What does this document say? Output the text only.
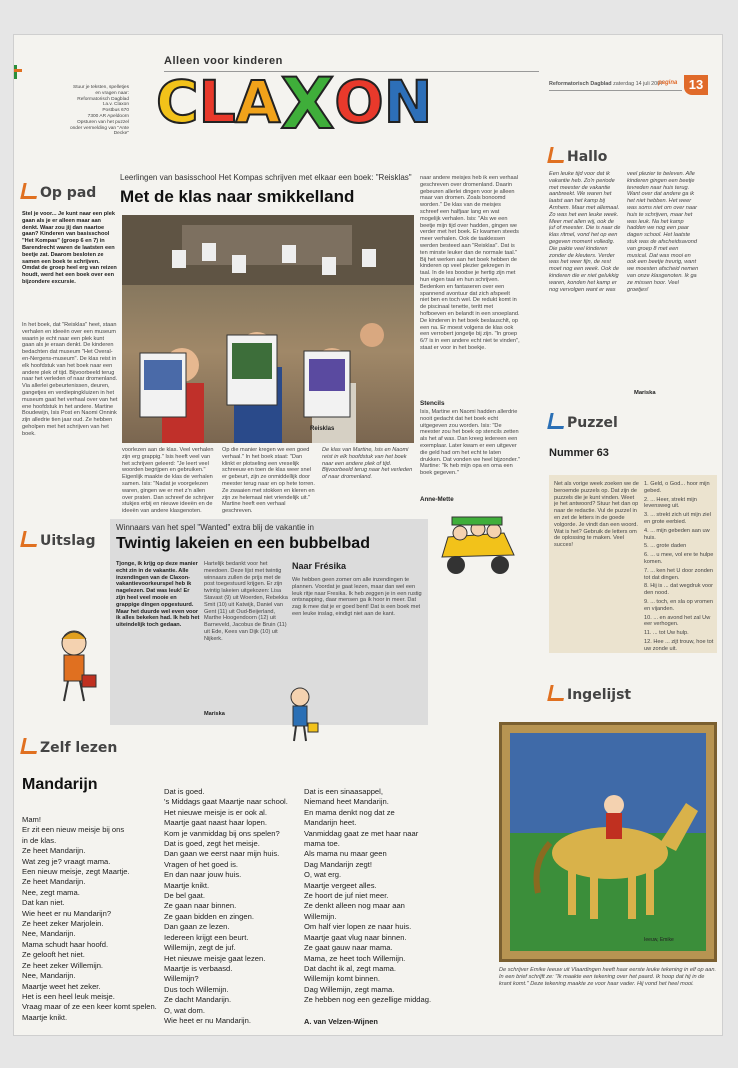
Stuur je teksten, spelletjes
en vragen naar:
Reformatorisch Dagblad
t.a.v. Claxon
Postbus 670
7300 AR Apeldoorn
Opsturen van het puzzel
onder vermelding van "Ante Decke"
Alleen voor kinderen
CLAXON	Reformatorisch Dagblad zaterdag 14 juli 2007
pagina 13
Op pad
Leerlingen van basisschool Het Kompas schrijven met elkaar een boek: "Reisklas"
Met de klas naar smikkelland
Stel je voor... Je kunt naar een plek gaan als je er alleen maar aan denkt. Waar zou jij dan naartoe gaan? Kinderen van basisschool "Het Kompas" (groep 6 en 7) in Barendrecht waren de laatsten een beetje zat. Daarom besloten ze samen een boek te schrijven. Omdat de groep heel erg van reizen houdt, werd het een boek over een bijzondere excursie.
In het boek, dat "Reisklas" heet, staan verhalen en ideeën over een museum waarin je echt naar een plek kunt gaan als je eraan denkt. De kinderen bedachten dat museum "Het Overal-en-Nergens-museum". De klas reist in elk hoofdstuk van het boek naar een andere plek of tijd. Bijvoorbeeld terug naar het verleden of naar dromenland. Via allerlei gebeurtenissen, deuren, gangetjes en verdiepingkluizen in het museum gaat het verhaal over van het ene hoofdstuk in het andere. Martine Boudewijn, Isis Post en Naomi Onnink zijn alledrie tien jaar oud. Ze hebben geholpen met het schrijven van het boek.
Reisklas
voorlezen aan de klas. Veel verhalen zijn erg grappig." Isis heeft veel van het schrijven geleerd: "Je leert veel woorden begrijpen en gebruiken." Eigenlijk maakte de klas de verhalen samen. Isis: "Nadat je voorgelezen waren, gingen we er met z'n allen over praten. Dan schreef de schrijver stukjes erbij en nieuwe ideeën en de ideeën van andere klasgenoten.
Op die manier kregen we een goed verhaal." In het boek staat: "Dan klinkt er plotseling een vreselijk schreeuw en toen de klas weer snel er gebeurt, zijn ze onmiddellijk door meester terug naar en op hete torren. Ze zwaaien met stokken en kleren en zijn ze helemaal niet vriendelijk uit." Martine heeft een verhaal geschreven.
De klas van Martine, Isis en Naomi reist in elk hoofdstuk van het boek naar een andere plek of tijd. Bijvoorbeeld terug naar het verleden of naar dromenland.
naar andere meisjes heb ik een verhaal geschreven over dromenland. Daarin gebeuren allerlei dingen voor je alleen maar van dromen. Zoals bonoomd worden." De klas van de meisjes schreef een halfjaar lang en wat mogelijk verhalen. Isis: "Als we een beetje mijn tijd over hadden, gingen we verder met het boek. Er kwamen steeds meer verhalen. Ook de taaklessen werden besteed aan "Reisklas". Dat is ten minste leuker dan de normale taal." Bij het werken aan het boek hebben de kinderen op veel plezier gekregen in taal. In de les boodse je hertig zijn met hun eigen taal en hun schrijven. Bedenken en fantaseren over een spannend avontuur dat zich afspeelt niet ben en toch wel. De redukt komt in de piscinaal tenette, teritt met hofboeven en belandt in een snoepland. De kinderen in het boek beslauschlt, op een na. Er moest volgens de klas ook een verrobert jongetje bij zijn. "In groep 6/7 is in een andere echt niet te vinden", staat er voor in het boekje.
Stencils
Isis, Martine en Naomi hadden allerdrie nooit gedacht dat het boek echt uitgegeven zou worden. Isis: "De meester zou het boek op stencils zetten als het af was. Dan kreeg iedereen een exemplaar. Later kwam er een uitgever die geld had om het echt te laten drukken. Dat vonden we heel bijzonder." Martine: "Ik heb mijn opa en oma een boek gegeven."
Anne-Mette
Hallo
Een leuke tijd voor dat ik vakantie heb. Zo'n periode met meester de vakantie aanbreekt. We waren het laatst aan het kamp bij Arnhem. Maar met allemaal. Zo was het een leuke week. Meer met allen wij, ook de juf of meester. Die is naar de klas ritmel, vond het op een gegeven moment volledig. Die pakte veel kinderen zonder de kleuters. Verder was het weer fijn, de rest moet nog een week. Ook de kinderen die er niet gelukkig waren, konden het kamp er nog vervolgen want er was veel plezier te beleven. Alle kinderen gingen een beetje tevreden naar huis terug. Want over dat andere ga ik het niet hebben. Het weer was soms niet om over naar huis te schrijven, maar het was leuk. Na het kamp hadden we nog een paar dagen school. Het laatste stuk was de afscheidsavond van groep 8 met een musical. Dat was mooi en ook een beetje treurig, want we moesten afscheid nemen van onze klasgenoten. Ik ga ze missen hoor. Veel groetjes!
Mariska
Puzzel
Nummer 63
Net als vorige week zoeken we de beroemde puzzels op. Dat zijn de puzzels die je kunt vinden. Weet je het antwoord? Stuur het dan op naar de redactie. Vul de puzzel in en zet de letters in de goede volgorde. Je vindt dan een woord. Wat is het? Gebruik de letters om de oplossing te maken. Veel succes!
1. Geld, o God... hoor mijn gebed.
2. ... Heer, strekt mijn levensweg uit.
3. ... strekt zich uit mijn ziel en grote eerbied.
4. ... mijn gebeden aan uw huis.
5. ... grote daden
6. ... u mee, vol ere te hulpe komen.
7. ... ken het U door zonden tot dat dingen.
8. Hij is ... dat wegdruk voor den nood.
9. ... toch, en sla op vromen en vijanden.
10. ... en avond het zal Uw eer verhogen.
11. ... tot Uw hulp.
12. Hee ... zijt trouw, hoe tot uw zonde uit.
Uitslag
Winnaars van het spel "Wanted" extra blij de vakantie in
Twintig lakeien en een bubbelbad
Tjonge, ik krijg op deze manier echt zin in de vakantie. Alle inzendingen van de Claxon-vakantievoorkeurspel heb ik nagelezen. Dat was leuk! Er zijn heel veel mooie en grappige dingen opgestuurd. Maar het duurde wel even voor ik alles bekeken had. Ik heb het uiteindelijk toch gedaan.
Hartelijk bedankt voor het meedoen. Deze lijst met twintig winnaars zullen de prijs met de post toegestuurd krijgen. Er zijn twintig lakeien uitgekozen: Lisa Stavast (9) uit Woerden, Rebekka Smit (10) uit Katwijk, Daniel van Gent (11) uit Oud-Beijerland, Marthe Hoogendoorn (12) uit Barneveld, Jacobus de Bruin (11) uit Ede, Kees van Dijk (10) uit Nijkerk.
Mariska
Naar Frésika
We hebben geen zomer om alle inzendingen te plannen. Voordat je gaat lezen, maar dan wel een leuk ritje naar Fresika. Ik heb zeggen je in een rustig ontsnapping, daar mensen ga ik hoor in meer. Dat zag ik mee dat je er goed bent! Dat is een boek met een leuke inslag, eindigt niet aan de kant.
Ingelijst
Ieeuw, Emike
De schrijver Emike Ieeuw uit Vlaardingen heeft haar eerste leuke tekening in elf op aan. In een brief schrijft ze: "Ik maakte een tekening over het paard. Ik hoop dat hij in de krant komt." Deze tekening maakte ze voor haar vader. Hij vond het heel mooi.
Zelf lezen
Mandarijn
Mam!
Er zit een nieuw meisje bij ons
in de klas.
Ze heet Mandarijn.
Wat zeg je? vraagt mama.
Een nieuw meisje, zegt Maartje.
Ze heet Mandarijn.
Nee, zegt mama.
Dat kan niet.
Wie heet er nu Mandarijn?
Ze heet zeker Marjolein.
Nee, Mandarijn.
Mama schudt haar hoofd.
Ze gelooft het niet.
Ze heet zeker Willemijn.
Nee, Mandarijn.
Maartje weet het zeker.
Het is een heel leuk meisje.
Vraag maar of ze een keer komt spelen.
Maartje knikt.
Dat is goed.
's Middags gaat Maartje naar school.
Het nieuwe meisje is er ook al.
Maartje gaat naast haar lopen.
Kom je vanmiddag bij ons spelen?
Dat is goed, zegt het meisje.
Dan gaan we eerst naar mijn huis.
Vragen of het goed is.
En dan naar jouw huis.
Maartje knikt.
De bel gaat.
Ze gaan naar binnen.
Ze gaan bidden en zingen.
Dan gaan ze lezen.
Iedereen krijgt een beurt.
Willemijn, zegt de juf.
Het nieuwe meisje gaat lezen.
Maartje is verbaasd.
Willemijn?
Dus toch Willemijn.
Ze dacht Mandarijn.
O, wat dom.
Wie heet er nu Mandarijn.
Dat is een sinaasappel,
Niemand heet Mandarijn.
En mama denkt nog dat ze
Mandarijn heet.
Vanmiddag gaat ze met haar naar
mama toe.
Als mama nu maar geen
Dag Mandarijn zegt!
O, wat erg.
Maartje vergeet alles.
Ze hoort de juf niet meer.
Ze denkt alleen nog maar aan
Willemijn.
Om half vier lopen ze naar huis.
Maartje gaat vlug naar binnen.
Ze gaat gauw naar mama.
Mama, ze heet toch Willemijn.
Dat dacht ik al, zegt mama.
Willemijn komt binnen.
Dag Willemijn, zegt mama.
Ze hebben nog een gezellige middag.
A. van Velzen-Wijnen
